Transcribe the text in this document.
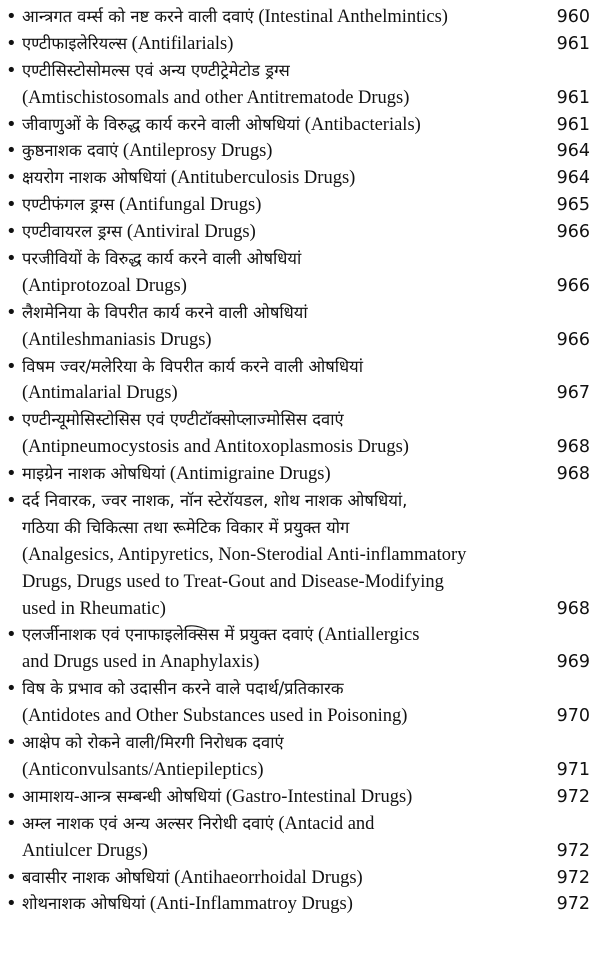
• आन्त्रगत वर्म्स को नष्ट करने वाली दवाएं (Intestinal Anthelmintics)	960
• एण्टीफाइलेरियल्स (Antifilarials)	961
• एण्टीसिस्टोसोमल्स एवं अन्य एण्टीट्रेमेटोड ड्रग्स
(Amtischistosomals and other Antitrematode Drugs)	961
• जीवाणुओं के विरुद्ध कार्य करने वाली ओषधियां (Antibacterials)	961
• कुष्ठनाशक दवाएं (Antileprosy Drugs)	964
• क्षयरोग नाशक ओषधियां (Antituberculosis Drugs)	964
• एण्टीफंगल ड्रग्स (Antifungal Drugs)	965
• एण्टीवायरल ड्रग्स (Antiviral Drugs)	966
• परजीवियों के विरुद्ध कार्य करने वाली ओषधियां
(Antiprotozoal Drugs)	966
• लैशमेनिया के विपरीत कार्य करने वाली ओषधियां
(Antileshmaniasis Drugs)	966
• विषम ज्वर/मलेरिया के विपरीत कार्य करने वाली ओषधियां
(Antimalarial Drugs)	967
• एण्टीन्यूमोसिस्टोसिस एवं एण्टीटॉक्सोप्लाज्मोसिस दवाएं
(Antipneumocystosis and Antitoxoplasmosis Drugs)	968
• माइग्रेन नाशक ओषधियां (Antimigraine Drugs)	968
• दर्द निवारक, ज्वर नाशक, नॉन स्टेरॉयडल, शोथ नाशक ओषधियां,
गठिया की चिकित्सा तथा रूमेटिक विकार में प्रयुक्त योग
(Analgesics, Antipyretics, Non-Sterodial Anti-inflammatory
Drugs, Drugs used to Treat-Gout and Disease-Modifying
used in Rheumatic)	968
• एलर्जीनाशक एवं एनाफाइलेक्सिस में प्रयुक्त दवाएं (Antiallergics
and Drugs used in Anaphylaxis)	969
• विष के प्रभाव को उदासीन करने वाले पदार्थ/प्रतिकारक
(Antidotes and Other Substances used in Poisoning)	970
• आक्षेप को रोकने वाली/मिरगी निरोधक दवाएं
(Anticonvulsants/Antiepileptics)	971
• आमाशय-आन्त्र सम्बन्धी ओषधियां (Gastro-Intestinal Drugs)	972
• अम्ल नाशक एवं अन्य अल्सर निरोधी दवाएं (Antacid and
Antiulcer Drugs)	972
• बवासीर नाशक ओषधियां (Antihaeorrhoidal Drugs)	972
• शोथनाशक ओषधियां (Anti-Inflammatroy Drugs)	972
